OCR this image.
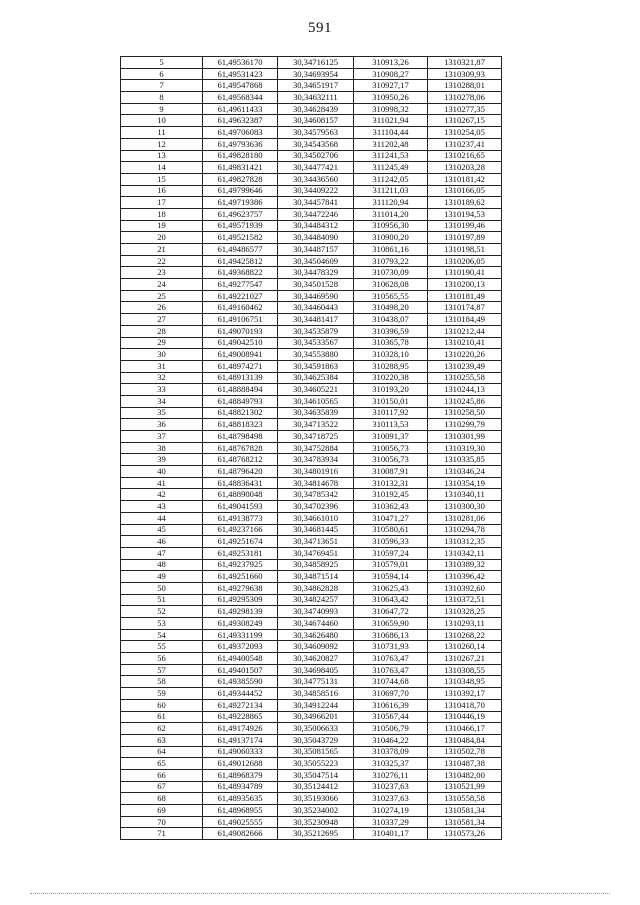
591
5	61,49536170	30,34716125	310913,26	1310321,87
6	61,49531423	30,34693954	310908,27	1310309,93
7	61,49547868	30,34651917	310927,17	1310288,01
8	61,49568344	30,34632111	310950,26	1310278,06
9	61,49611433	30,34628439	310998,32	1310277,35
10	61,49632387	30,34608157	311021,94	1310267,15
11	61,49706083	30,34579563	311104,44	1310254,05
12	61,49793636	30,34543568	311202,48	1310237,41
13	61,49828180	30,34502706	311241,53	1310216,65
14	61,49831421	30,34477421	311245,49	1310203,28
15	61,49827828	30,34436560	311242,05	1310181,42
16	61,49799646	30,34409222	311211,03	1310166,05
17	61,49719386	30,34457841	311120,94	1310189,62
18	61,49623757	30,34472246	311014,20	1310194,53
19	61,49571939	30,34484312	310956,30	1310199,46
20	61,49521582	30,34484090	310900,20	1310197,89
21	61,49486577	30,34487157	310861,16	1310198,51
22	61,49425812	30,34504609	310793,22	1310206,05
23	61,49368822	30,34478329	310730,09	1310190,41
24	61,49277547	30,34501528	310628,08	1310200,13
25	61,49221027	30,34469590	310565,55	1310181,49
26	61,49160462	30,34460443	310498,20	1310174,87
27	61,49106751	30,34481417	310438,07	1310184,49
28	61,49070193	30,34535879	310396,59	1310212,44
29	61,49042510	30,34533567	310365,78	1310210,41
30	61,49008941	30,34553880	310328,10	1310220,26
31	61,48974271	30,34591863	310288,95	1310239,49
32	61,48913139	30,34625384	310220,38	1310255,58
33	61,48888494	30,34605221	310193,20	1310244,13
34	61,48849793	30,34610565	310150,01	1310245,86
35	61,48821302	30,34635839	310117,92	1310258,50
36	61,48818323	30,34713522	310113,53	1310299,79
37	61,48798498	30,34718725	310091,37	1310301,99
38	61,48767828	30,34752884	310056,73	1310319,30
39	61,48768212	30,34783934	310056,73	1310335,85
40	61,48796420	30,34801916	310087,91	1310346,24
41	61,48836431	30,34814678	310132,31	1310354,19
42	61,48890048	30,34785342	310192,45	1310340,11
43	61,49041593	30,34702396	310362,43	1310300,30
44	61,49138773	30,34661010	310471,27	1310281,06
45	61,49237166	30,34681445	310580,61	1310294,78
46	61,49251674	30,34713651	310596,33	1310312,35
47	61,49253181	30,34769451	310597,24	1310342,11
48	61,49237925	30,34858925	310579,01	1310389,32
49	61,49251660	30,34871514	310594,14	1310396,42
50	61,49279638	30,34862828	310625,43	1310392,60
51	61,49295309	30,34824257	310643,42	1310372,51
52	61,49298139	30,34740993	310647,72	1310328,25
53	61,49308249	30,34674460	310659,90	1310293,11
54	61,49331199	30,34626480	310686,13	1310268,22
55	61,49372093	30,34609092	310731,93	1310260,14
56	61,49400548	30,34620827	310763,47	1310267,21
57	61,49401507	30,34698405	310763,47	1310308,55
58	61,49385590	30,34775131	310744,68	1310348,95
59	61,49344452	30,34858516	310697,70	1310392,17
60	61,49272134	30,34912244	310616,39	1310418,70
61	61,49228865	30,34966201	310567,44	1310446,19
62	61,49174926	30,35006633	310506,79	1310466,17
63	61,49137174	30,35043729	310464,22	1310484,84
64	61,49060333	30,35081565	310378,09	1310502,78
65	61,49012688	30,35055223	310325,37	1310487,38
66	61,48968379	30,35047514	310276,11	1310482,00
67	61,48934789	30,35124412	310237,63	1310521,99
68	61,48935635	30,35193066	310237,63	1310558,58
69	61,48968955	30,35234002	310274,19	1310581,34
70	61,49025555	30,35230948	310337,29	1310581,34
71	61,49082666	30,35212695	310401,17	1310573,26
